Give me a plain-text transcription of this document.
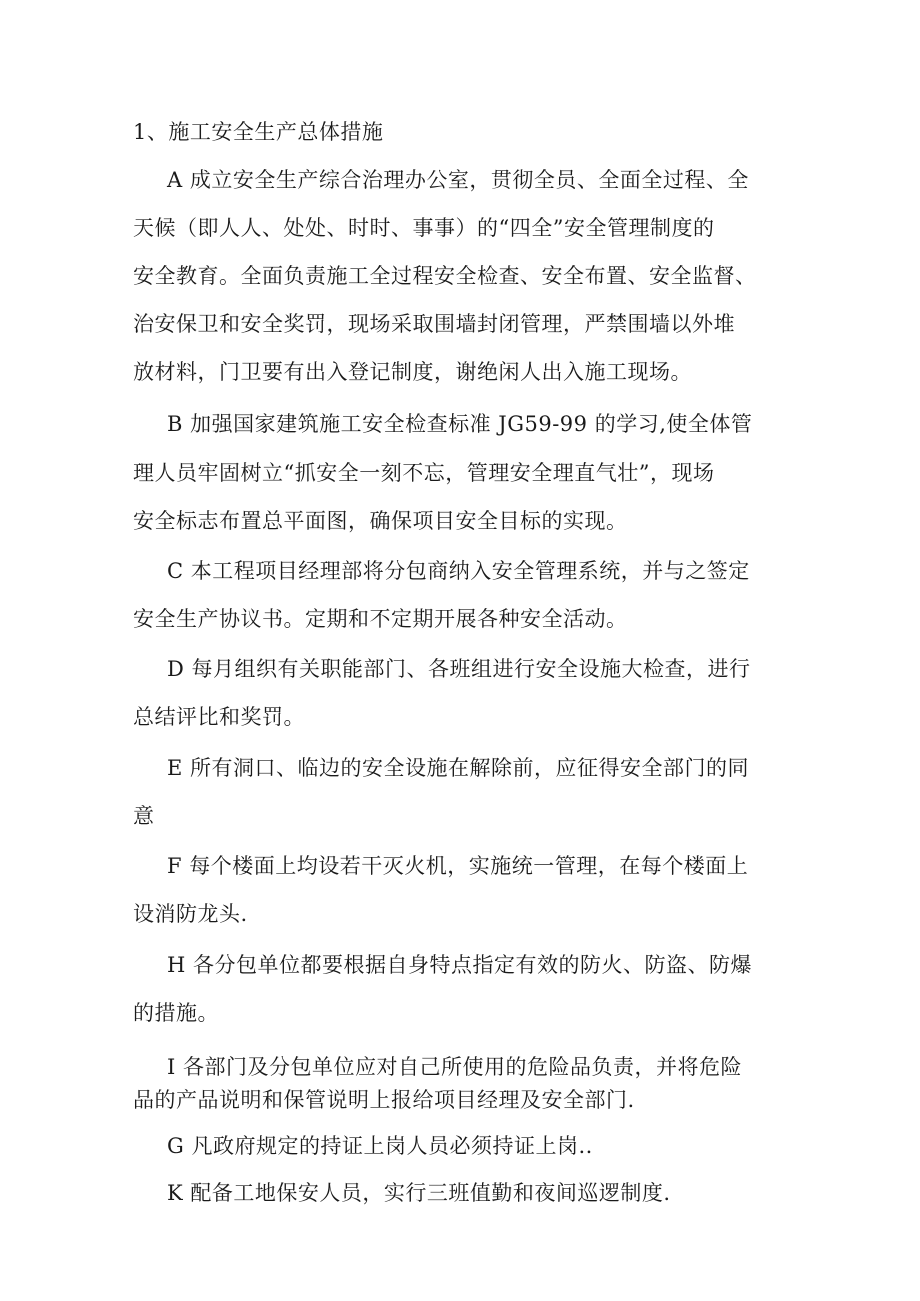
1、施工安全生产总体措施
A 成立安全生产综合治理办公室，贯彻全员、全面全过程、全
天候（即人人、处处、时时、事事）的“四全”安全管理制度的
安全教育。全面负责施工全过程安全检查、安全布置、安全监督、
治安保卫和安全奖罚，现场采取围墙封闭管理，严禁围墙以外堆
放材料，门卫要有出入登记制度，谢绝闲人出入施工现场。
B 加强国家建筑施工安全检查标准 JG59-99 的学习,使全体管
理人员牢固树立“抓安全一刻不忘，管理安全理直气壮”，现场
安全标志布置总平面图，确保项目安全目标的实现。
C 本工程项目经理部将分包商纳入安全管理系统，并与之签定
安全生产协议书。定期和不定期开展各种安全活动。
D 每月组织有关职能部门、各班组进行安全设施大检查，进行
总结评比和奖罚。
E 所有洞口、临边的安全设施在解除前，应征得安全部门的同
意
F 每个楼面上均设若干灭火机，实施统一管理，在每个楼面上
设消防龙头.
H 各分包单位都要根据自身特点指定有效的防火、防盗、防爆
的措施。
I 各部门及分包单位应对自己所使用的危险品负责，并将危险
品的产品说明和保管说明上报给项目经理及安全部门.
G 凡政府规定的持证上岗人员必须持证上岗..
K 配备工地保安人员，实行三班值勤和夜间巡逻制度.
